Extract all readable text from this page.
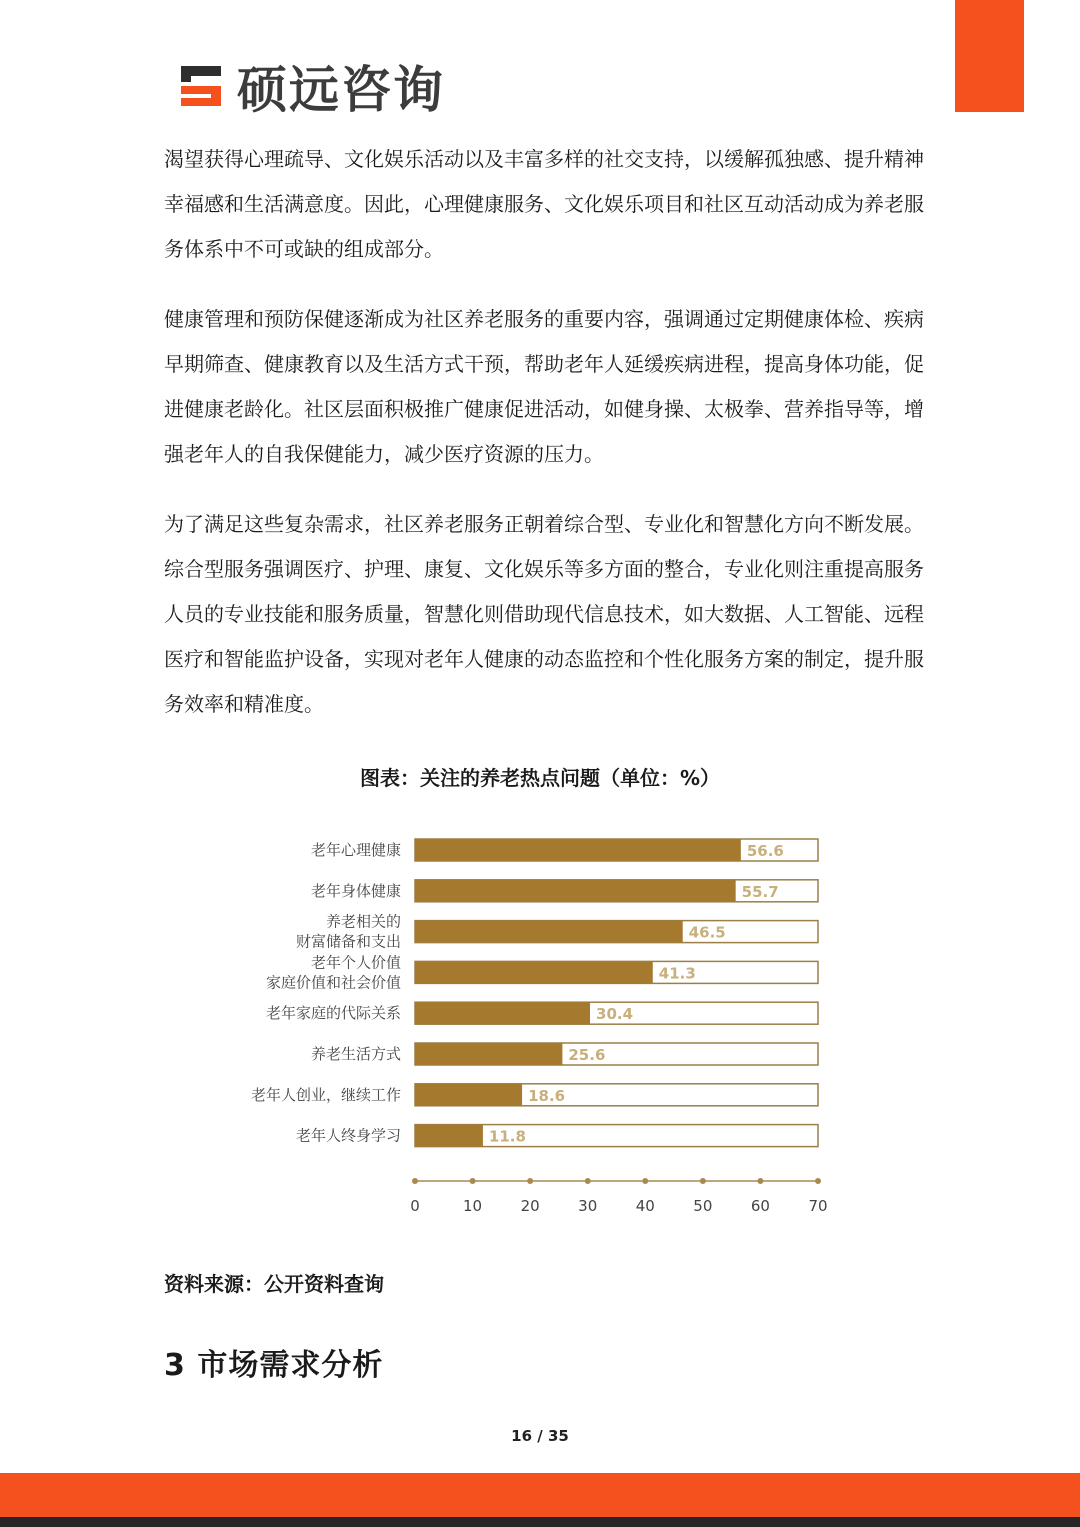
硕远咨询

渴望获得心理疏导、文化娱乐活动以及丰富多样的社交支持，以缓解孤独感、提升精神幸福感和生活满意度。因此，心理健康服务、文化娱乐项目和社区互动活动成为养老服务体系中不可或缺的组成部分。

健康管理和预防保健逐渐成为社区养老服务的重要内容，强调通过定期健康体检、疾病早期筛查、健康教育以及生活方式干预，帮助老年人延缓疾病进程，提高身体功能，促进健康老龄化。社区层面积极推广健康促进活动，如健身操、太极拳、营养指导等，增强老年人的自我保健能力，减少医疗资源的压力。

为了满足这些复杂需求，社区养老服务正朝着综合型、专业化和智慧化方向不断发展。综合型服务强调医疗、护理、康复、文化娱乐等多方面的整合，专业化则注重提高服务人员的专业技能和服务质量，智慧化则借助现代信息技术，如大数据、人工智能、远程医疗和智能监护设备，实现对老年人健康的动态监控和个性化服务方案的制定，提升服务效率和精准度。

图表：关注的养老热点问题（单位：%）
56.6
老年心理健康
55.7
老年身体健康
46.5
养老相关的
财富储备和支出
41.3
老年个人价值
家庭价值和社会价值
30.4
老年家庭的代际关系
25.6
养老生活方式
18.6
老年人创业，继续工作
11.8
老年人终身学习
0	10	20	30	40	50	60	70
资料来源：公开资料查询
3 市场需求分析
16 / 35
